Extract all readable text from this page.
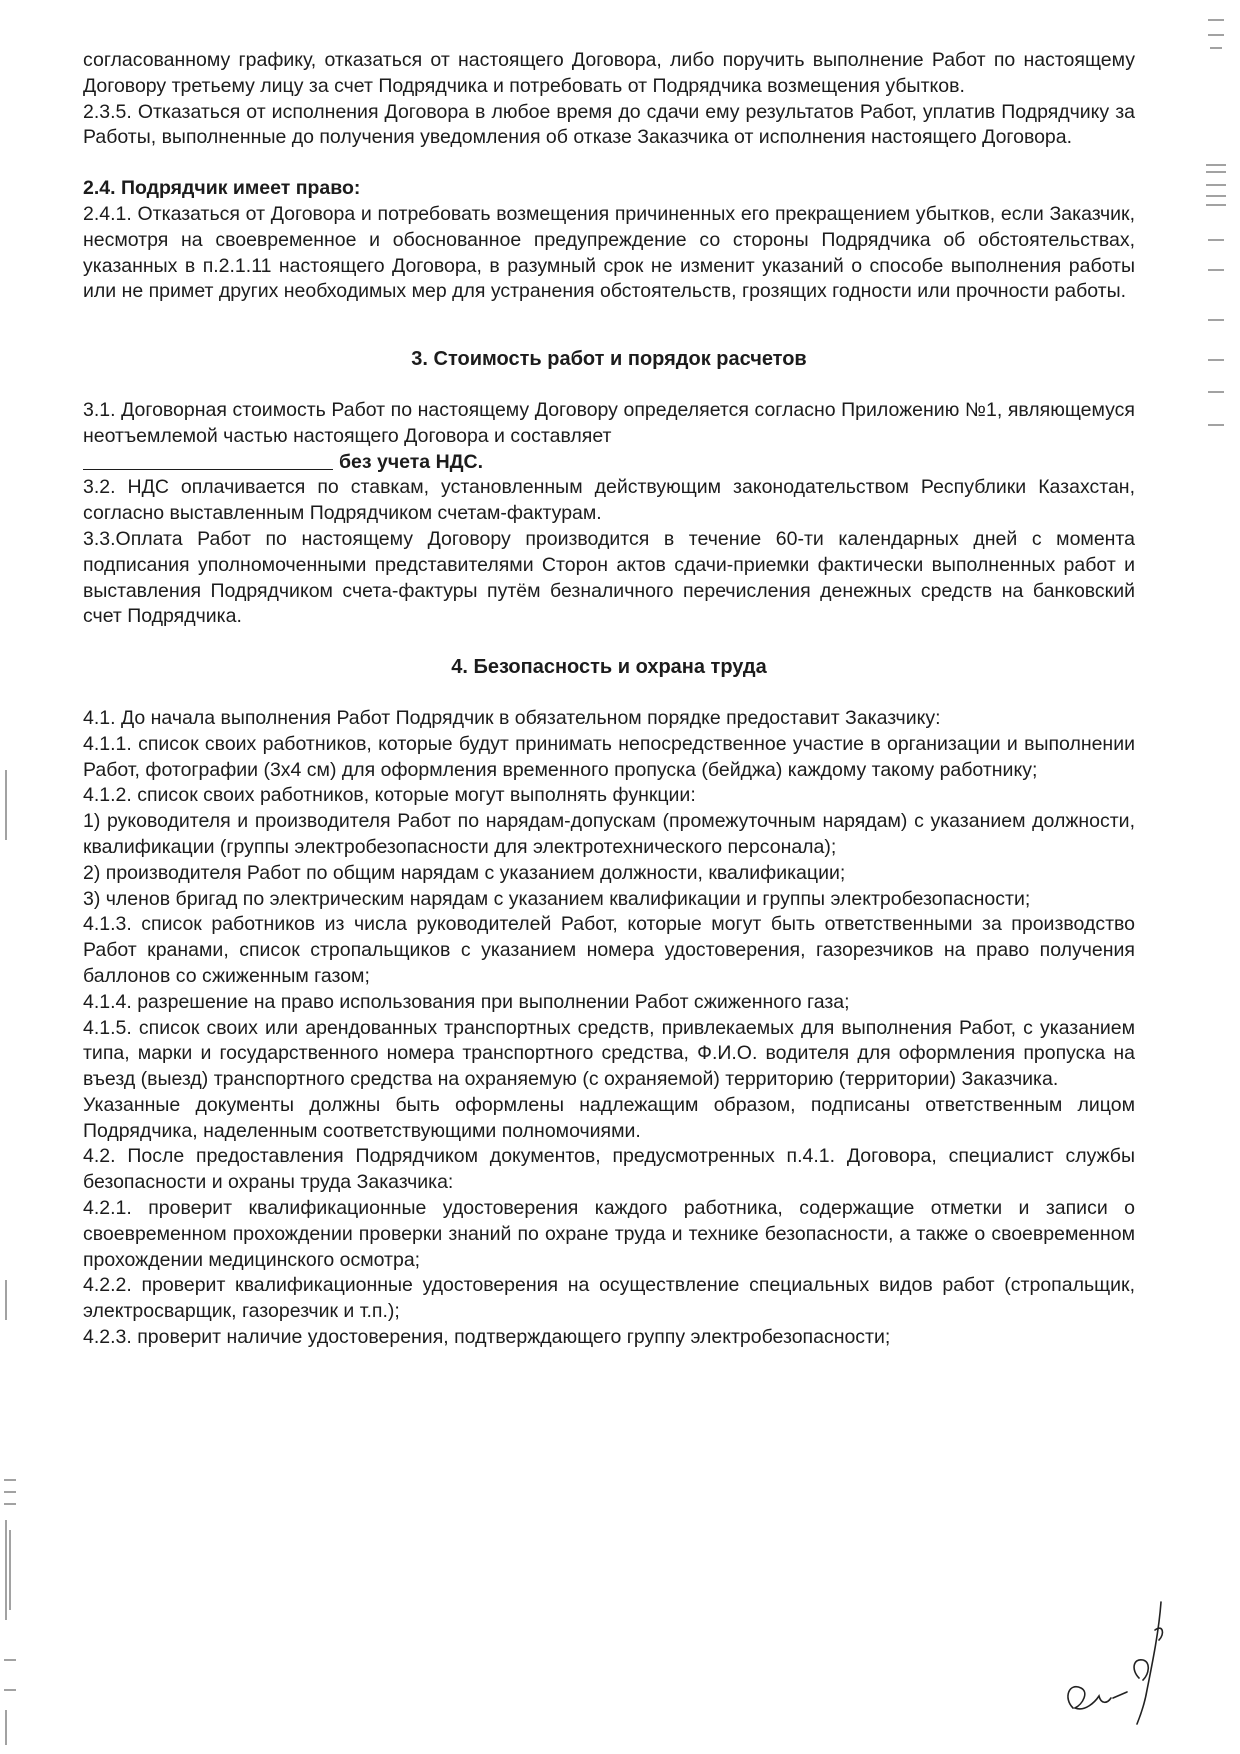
согласованному графику, отказаться от настоящего Договора, либо поручить выполнение Работ по настоящему Договору третьему лицу за счет Подрядчика и потребовать от Подрядчика возмещения убытков.

2.3.5. Отказаться от исполнения Договора в любое время до сдачи ему результатов Работ, уплатив Подрядчику за Работы, выполненные до получения уведомления об отказе Заказчика от исполнения настоящего Договора.

2.4. Подрядчик имеет право:

2.4.1. Отказаться от Договора и потребовать возмещения причиненных его прекращением убытков, если Заказчик, несмотря на своевременное и обоснованное предупреждение со стороны Подрядчика об обстоятельствах, указанных в п.2.1.11 настоящего Договора, в разумный срок не изменит указаний о способе выполнения работы или не примет других необходимых мер для устранения обстоятельств, грозящих годности или прочности работы.

3. Стоимость работ и порядок расчетов

3.1. Договорная стоимость Работ по настоящему Договору определяется согласно Приложению №1, являющемуся неотъемлемой частью настоящего Договора и составляет
без учета НДС.

3.2. НДС оплачивается по ставкам, установленным действующим законодательством Республики Казахстан, согласно выставленным Подрядчиком счетам-фактурам.

3.3.Оплата Работ по настоящему Договору производится в течение 60-ти календарных дней с момента подписания уполномоченными представителями Сторон актов сдачи-приемки фактически выполненных работ и выставления Подрядчиком счета-фактуры путём безналичного перечисления денежных средств на банковский счет Подрядчика.

4. Безопасность и охрана труда

4.1. До начала выполнения Работ Подрядчик в обязательном порядке предоставит Заказчику:

4.1.1. список своих работников, которые будут принимать непосредственное участие в организации и выполнении Работ, фотографии (3х4 см) для оформления временного пропуска (бейджа) каждому такому работнику;

4.1.2. список своих работников, которые могут выполнять функции:

1) руководителя и производителя Работ по нарядам-допускам (промежуточным нарядам) с указанием должности, квалификации (группы электробезопасности для электротехнического персонала);

2) производителя Работ по общим нарядам с указанием должности, квалификации;

3) членов бригад по электрическим нарядам с указанием квалификации и группы электробезопасности;

4.1.3. список работников из числа руководителей Работ, которые могут быть ответственными за производство Работ кранами, список стропальщиков с указанием номера удостоверения, газорезчиков на право получения баллонов со сжиженным газом;

4.1.4. разрешение на право использования при выполнении Работ сжиженного газа;

4.1.5. список своих или арендованных транспортных средств, привлекаемых для выполнения Работ, с указанием типа, марки и государственного номера транспортного средства, Ф.И.О. водителя для оформления пропуска на въезд (выезд) транспортного средства на охраняемую (с охраняемой) территорию (территории) Заказчика.

Указанные документы должны быть оформлены надлежащим образом, подписаны ответственным лицом Подрядчика, наделенным соответствующими полномочиями.

4.2. После предоставления Подрядчиком документов, предусмотренных п.4.1. Договора, специалист службы безопасности и охраны труда Заказчика:

4.2.1. проверит квалификационные удостоверения каждого работника, содержащие отметки и записи о своевременном прохождении проверки знаний по охране труда и технике безопасности, а также о своевременном прохождении медицинского осмотра;

4.2.2. проверит квалификационные удостоверения на осуществление специальных видов работ (стропальщик, электросварщик, газорезчик и т.п.);

4.2.3. проверит наличие удостоверения, подтверждающего группу электробезопасности;
